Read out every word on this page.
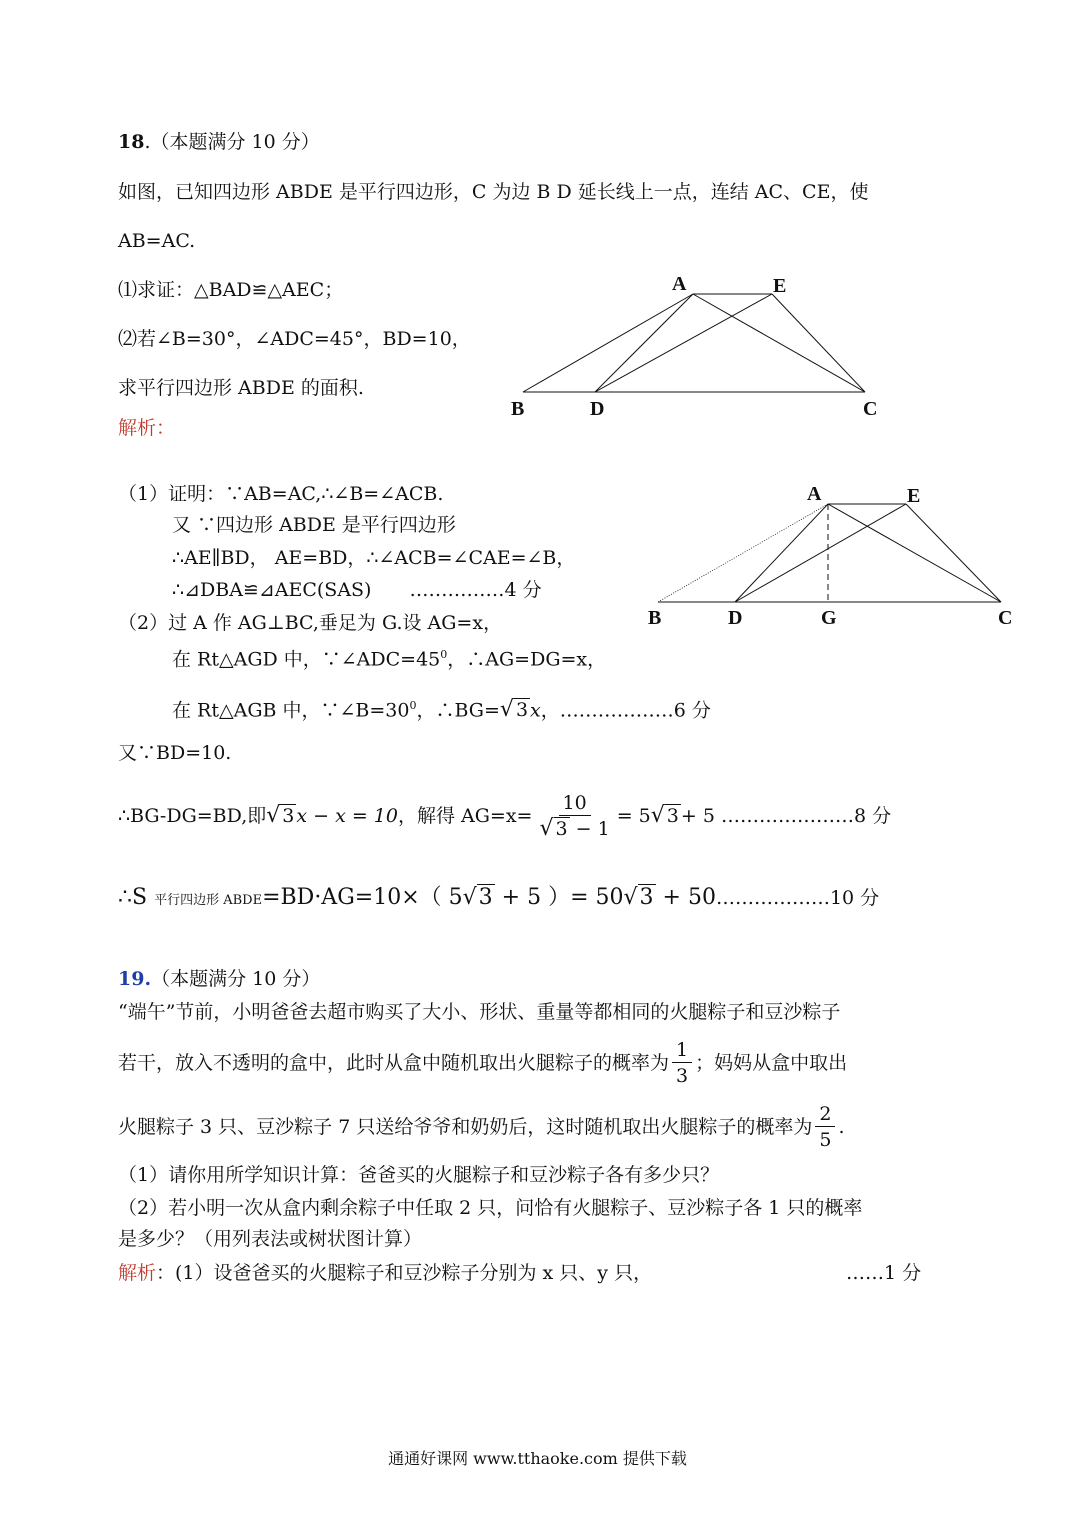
18.（本题满分 10 分）
如图，已知四边形 ABDE 是平行四边形，C 为边 B D 延长线上一点，连结 AC、CE，使
AB=AC.
⑴求证：△BAD≌△AEC；
⑵若∠B=30°，∠ADC=45°，BD=10，
求平行四边形 ABDE 的面积.
解析：
A	E
B	D	C
（1）证明：∵AB=AC,∴∠B=∠ACB.
又 ∵四边形 ABDE 是平行四边形
∴AE∥BD， AE=BD，∴∠ACB=∠CAE=∠B，
∴⊿DBA≌⊿AEC(SAS)　　……………4 分
（2）过 A 作 AG⊥BC,垂足为 G.设 AG=x，
在 Rt△AGD 中，$\because\angle ADC=45^0$，∴AG=DG=x，
在 Rt△AGB 中，$\because\angle B=30^0$，∴BG=√ 3 x，………………6 分
又∵BD=10.
∴BG-DG=BD,即 √ 3 x − x = 10 ，解得 $AG=x= \frac{10}{√ 3 - 1} = 5$ √ 3 + 5
…………………8 分
∴S 平行四边形 ABDE=BD·AG=10×（ 5√3 + 5 ）= 50√3 + 50………………10 分
A	E
B	D	G	C
19.（本题满分 10 分）
“端午”节前，小明爸爸去超市购买了大小、形状、重量等都相同的火腿粽子和豆沙粽子
若干，放入不透明的盒中，此时从盒中随机取出火腿粽子的概率为 $\frac{1}{3}$ ；妈妈从盒中取出
火腿粽子 3 只、豆沙粽子 7 只送给爷爷和奶奶后，这时随机取出火腿粽子的概率为 $\frac{2}{5}$ .
（1）请你用所学知识计算：爸爸买的火腿粽子和豆沙粽子各有多少只？
（2）若小明一次从盒内剩余粽子中任取 2 只，问恰有火腿粽子、豆沙粽子各 1 只的概率
是多少？（用列表法或树状图计算）
解析：(1）设爸爸买的火腿粽子和豆沙粽子分别为 x 只、y 只，	……1 分
通通好课网 www.tthaoke.com 提供下载
